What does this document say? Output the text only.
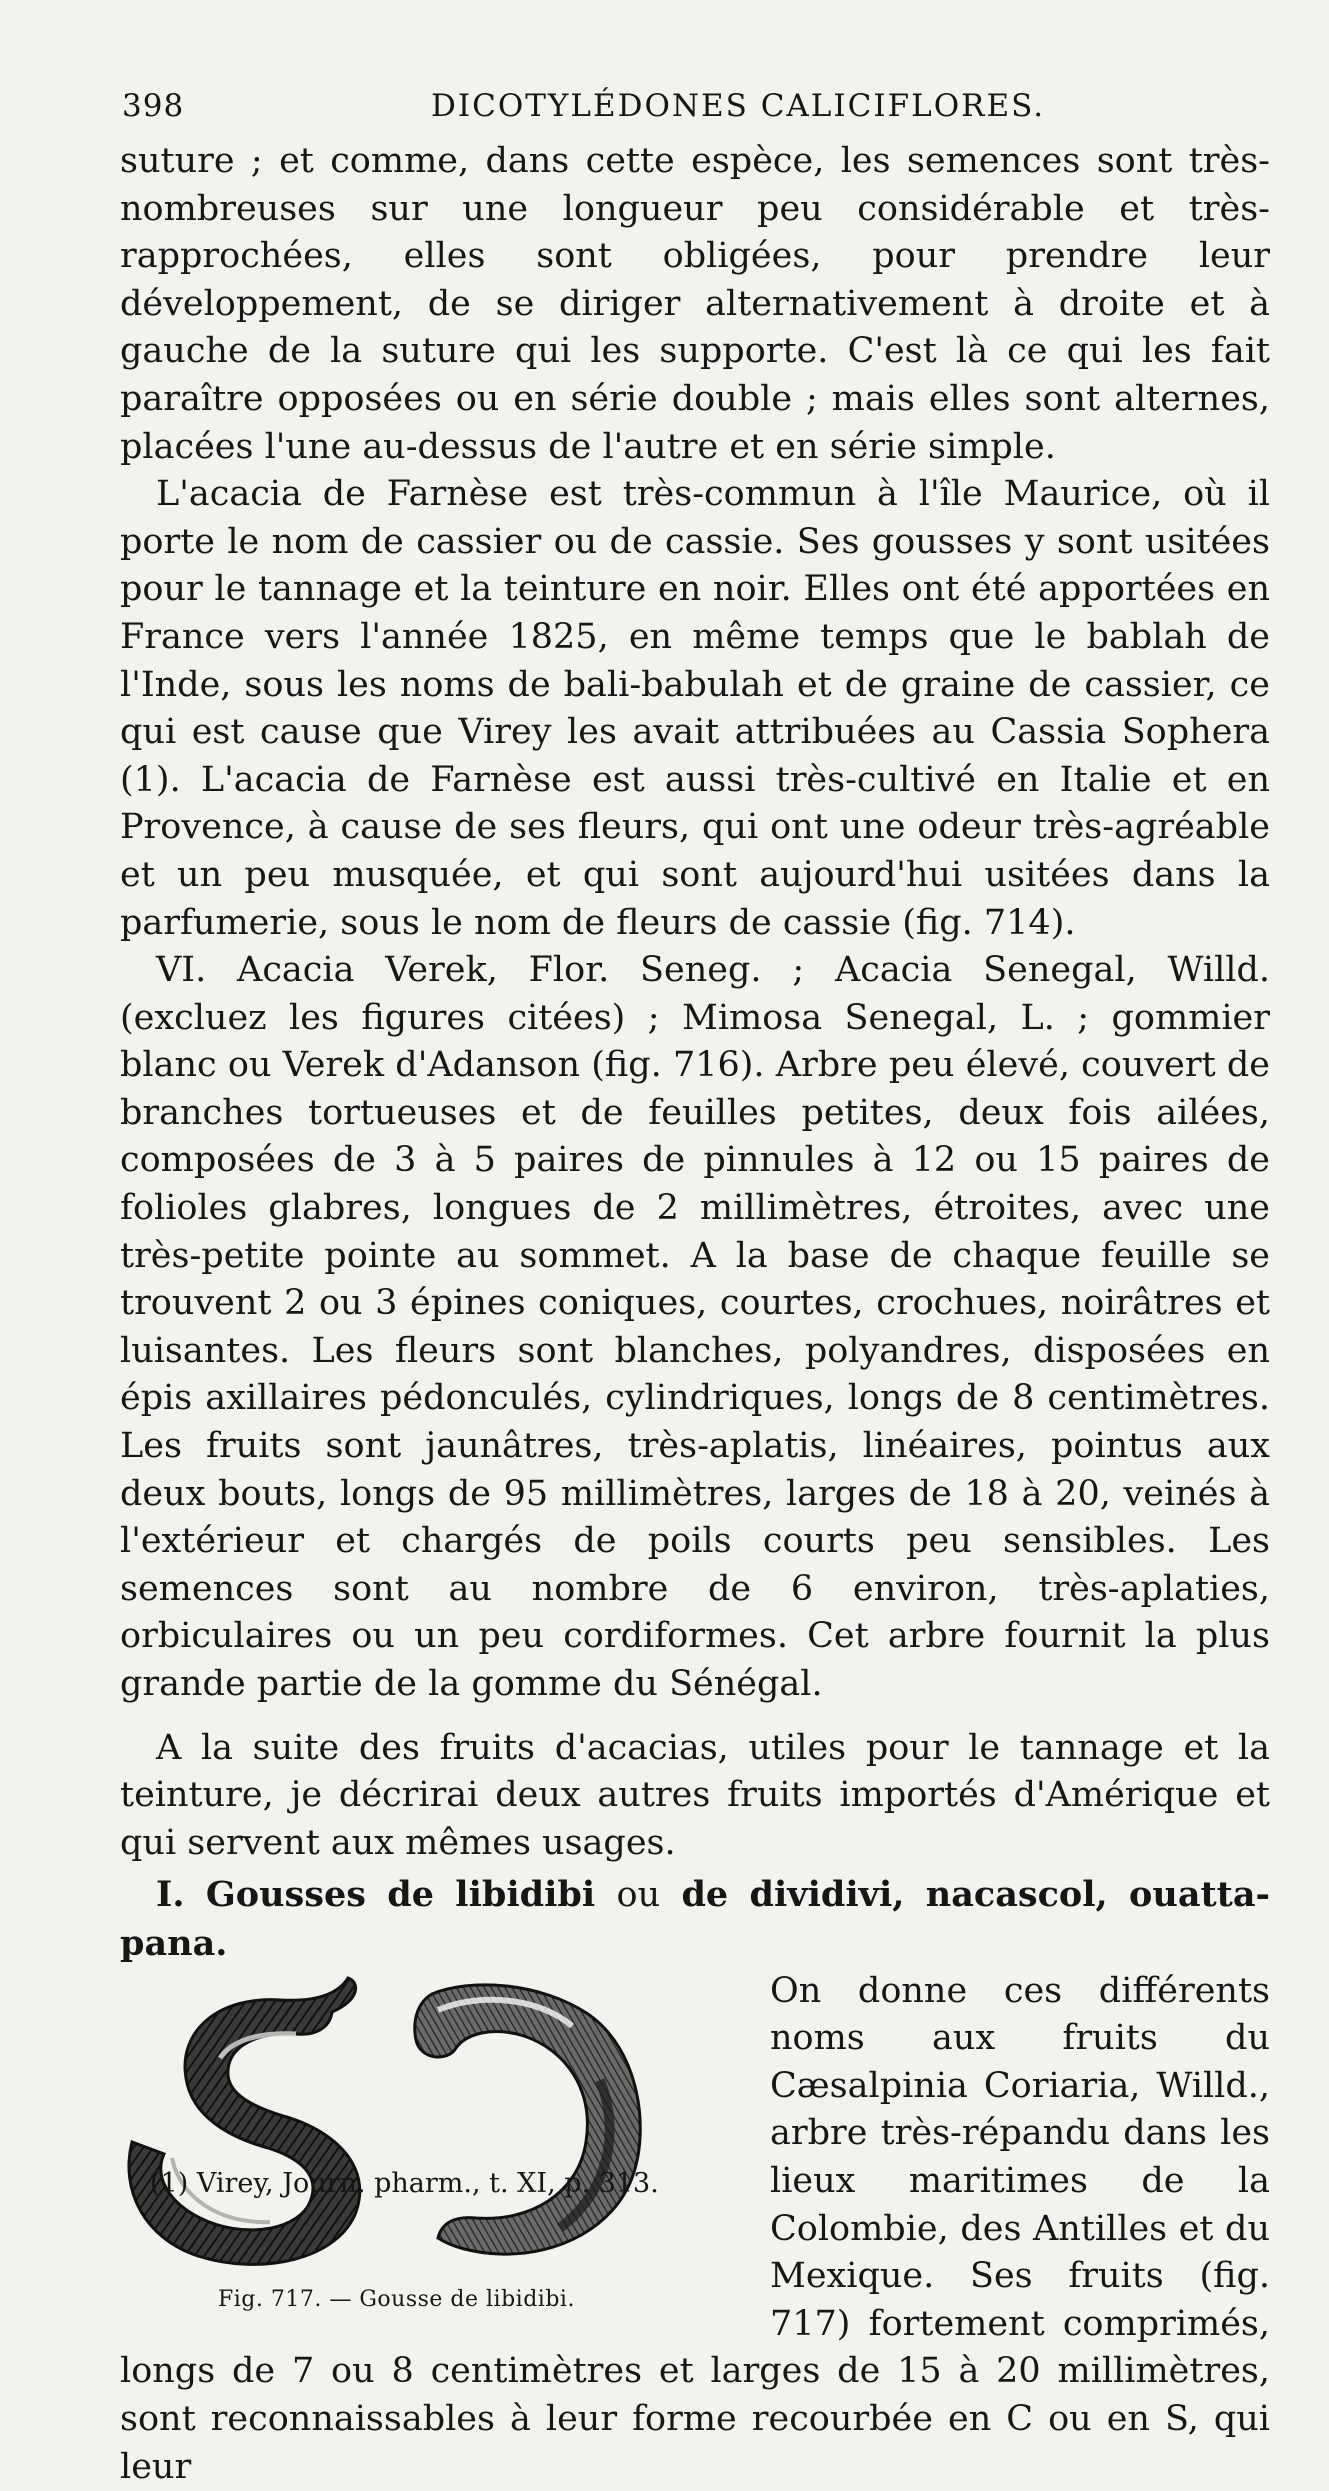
398	DICOTYLÉDONES CALICIFLORES.

suture ; et comme, dans cette espèce, les semences sont très-nombreuses sur une longueur peu considérable et très-rapprochées, elles sont obligées, pour prendre leur développement, de se diriger alternativement à droite et à gauche de la suture qui les supporte. C'est là ce qui les fait paraître opposées ou en série double ; mais elles sont alternes, placées l'une au-dessus de l'autre et en série simple.

L'acacia de Farnèse est très-commun à l'île Maurice, où il porte le nom de cassier ou de cassie. Ses gousses y sont usitées pour le tannage et la teinture en noir. Elles ont été apportées en France vers l'année 1825, en même temps que le bablah de l'Inde, sous les noms de bali-babulah et de graine de cassier, ce qui est cause que Virey les avait attribuées au Cassia Sophera (1). L'acacia de Farnèse est aussi très-cultivé en Italie et en Provence, à cause de ses fleurs, qui ont une odeur très-agréable et un peu musquée, et qui sont aujourd'hui usitées dans la parfumerie, sous le nom de fleurs de cassie (fig. 714).

VI. Acacia Verek, Flor. Seneg. ; Acacia Senegal, Willd. (excluez les figures citées) ; Mimosa Senegal, L. ; gommier blanc ou Verek d'Adanson (fig. 716). Arbre peu élevé, couvert de branches tortueuses et de feuilles petites, deux fois ailées, composées de 3 à 5 paires de pinnules à 12 ou 15 paires de folioles glabres, longues de 2 millimètres, étroites, avec une très-petite pointe au sommet. A la base de chaque feuille se trouvent 2 ou 3 épines coniques, courtes, crochues, noirâtres et luisantes. Les fleurs sont blanches, polyandres, disposées en épis axillaires pédonculés, cylindriques, longs de 8 centimètres. Les fruits sont jaunâtres, très-aplatis, linéaires, pointus aux deux bouts, longs de 95 millimètres, larges de 18 à 20, veinés à l'extérieur et chargés de poils courts peu sensibles. Les semences sont au nombre de 6 environ, très-aplaties, orbiculaires ou un peu cordiformes. Cet arbre fournit la plus grande partie de la gomme du Sénégal.

A la suite des fruits d'acacias, utiles pour le tannage et la teinture, je décrirai deux autres fruits importés d'Amérique et qui servent aux mêmes usages.

I. Gousses de libidibi ou de dividivi, nacascol, ouatta-pana.

Fig. 717. — Gousse de libidibi.

On donne ces différents noms aux fruits du Cæsalpinia Coriaria, Willd., arbre très-répandu dans les lieux maritimes de la Colombie, des Antilles et du Mexique. Ses fruits (fig. 717) fortement comprimés, longs de 7 ou 8 centimètres et larges de 15 à 20 millimètres, sont reconnaissables à leur forme recourbée en C ou en S, qui leur

(1) Virey, Journ. pharm., t. XI, p. 313.
